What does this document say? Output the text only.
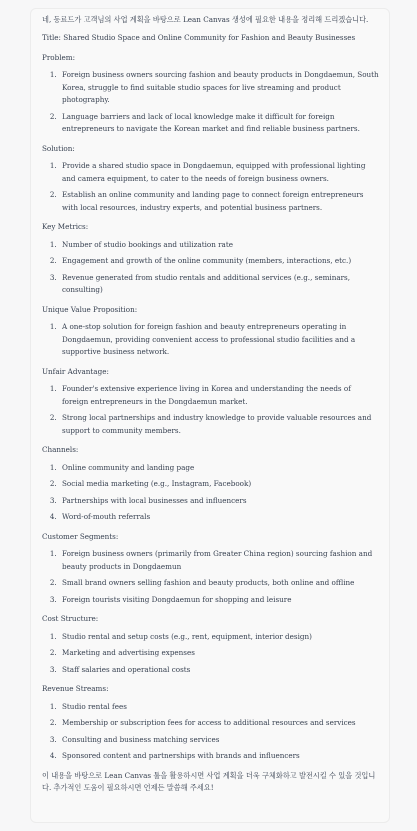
네, 동료드가 고객님의 사업 계획을 바탕으로 Lean Canvas 생성에 필요한 내용을 정리해 드리겠습니다.

Title: Shared Studio Space and Online Community for Fashion and Beauty Businesses

Problem:

1. Foreign business owners sourcing fashion and beauty products in Dongdaemun, South Korea, struggle to find suitable studio spaces for live streaming and product photography.
2. Language barriers and lack of local knowledge make it difficult for foreign entrepreneurs to navigate the Korean market and find reliable business partners.

Solution:

1. Provide a shared studio space in Dongdaemun, equipped with professional lighting and camera equipment, to cater to the needs of foreign business owners.
2. Establish an online community and landing page to connect foreign entrepreneurs with local resources, industry experts, and potential business partners.

Key Metrics:

1. Number of studio bookings and utilization rate
2. Engagement and growth of the online community (members, interactions, etc.)
3. Revenue generated from studio rentals and additional services (e.g., seminars, consulting)

Unique Value Proposition:

1. A one-stop solution for foreign fashion and beauty entrepreneurs operating in Dongdaemun, providing convenient access to professional studio facilities and a supportive business network.

Unfair Advantage:

1. Founder's extensive experience living in Korea and understanding the needs of foreign entrepreneurs in the Dongdaemun market.
2. Strong local partnerships and industry knowledge to provide valuable resources and support to community members.

Channels:

1. Online community and landing page
2. Social media marketing (e.g., Instagram, Facebook)
3. Partnerships with local businesses and influencers
4. Word-of-mouth referrals

Customer Segments:

1. Foreign business owners (primarily from Greater China region) sourcing fashion and beauty products in Dongdaemun
2. Small brand owners selling fashion and beauty products, both online and offline
3. Foreign tourists visiting Dongdaemun for shopping and leisure

Cost Structure:

1. Studio rental and setup costs (e.g., rent, equipment, interior design)
2. Marketing and advertising expenses
3. Staff salaries and operational costs

Revenue Streams:

1. Studio rental fees
2. Membership or subscription fees for access to additional resources and services
3. Consulting and business matching services
4. Sponsored content and partnerships with brands and influencers

이 내용을 바탕으로 Lean Canvas 툴을 활용하시면 사업 계획을 더욱 구체화하고 발전시킬 수 있을 것입니다. 추가적인 도움이 필요하시면 언제든 말씀해 주세요!
